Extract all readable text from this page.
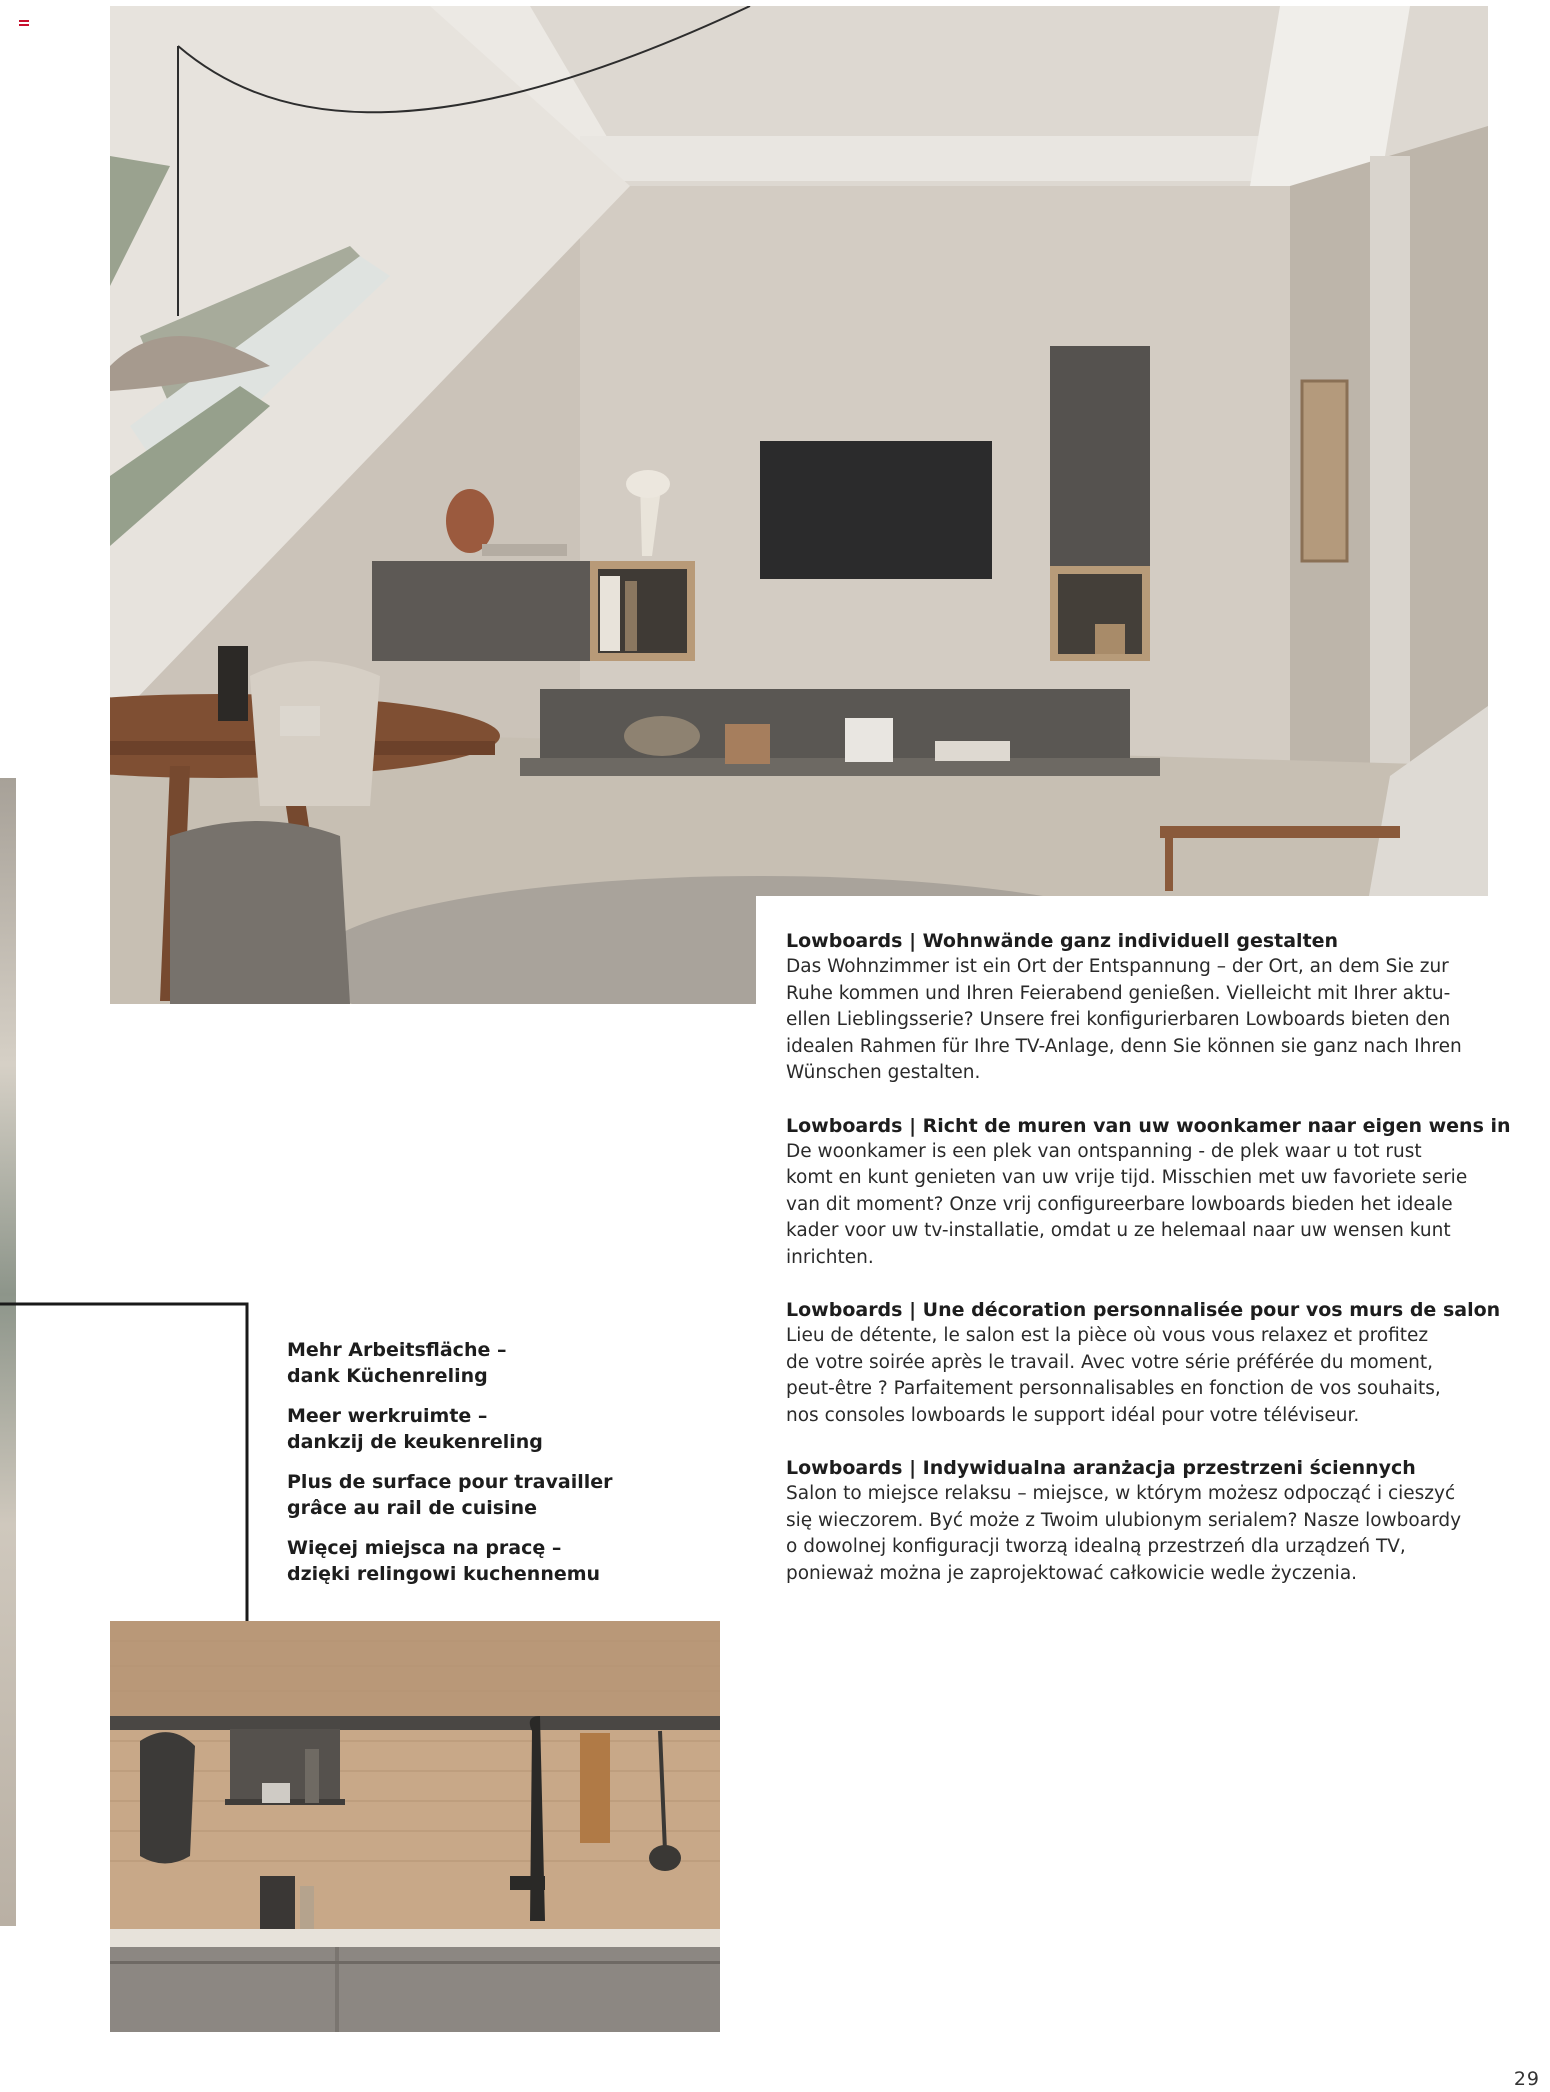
Mehr Arbeitsfläche –
dank Küchenreling
Meer werkruimte –
dankzij de keukenreling
Plus de surface pour travailler
grâce au rail de cuisine
Więcej miejsca na pracę –
dzięki relingowi kuchennemu
Lowboards | Wohnwände ganz individuell gestalten

Das Wohnzimmer ist ein Ort der Entspannung – der Ort, an dem Sie zur
Ruhe kommen und Ihren Feierabend genießen. Vielleicht mit Ihrer aktu-
ellen Lieblingsserie? Unsere frei konfigurierbaren Lowboards bieten den
idealen Rahmen für Ihre TV-Anlage, denn Sie können sie ganz nach Ihren
Wünschen gestalten.

Lowboards | Richt de muren van uw woonkamer naar eigen wens in

De woonkamer is een plek van ontspanning - de plek waar u tot rust
komt en kunt genieten van uw vrije tijd. Misschien met uw favoriete serie
van dit moment? Onze vrij configureerbare lowboards bieden het ideale
kader voor uw tv-installatie, omdat u ze helemaal naar uw wensen kunt
inrichten.

Lowboards | Une décoration personnalisée pour vos murs de salon

Lieu de détente, le salon est la pièce où vous vous relaxez et profitez
de votre soirée après le travail. Avec votre série préférée du moment,
peut-être ? Parfaitement personnalisables en fonction de vos souhaits,
nos consoles lowboards le support idéal pour votre téléviseur.

Lowboards | Indywidualna aranżacja przestrzeni ściennych

Salon to miejsce relaksu – miejsce, w którym możesz odpocząć i cieszyć
się wieczorem. Być może z Twoim ulubionym serialem? Nasze lowboardy
o dowolnej konfiguracji tworzą idealną przestrzeń dla urządzeń TV,
ponieważ można je zaprojektować całkowicie wedle życzenia.

29
